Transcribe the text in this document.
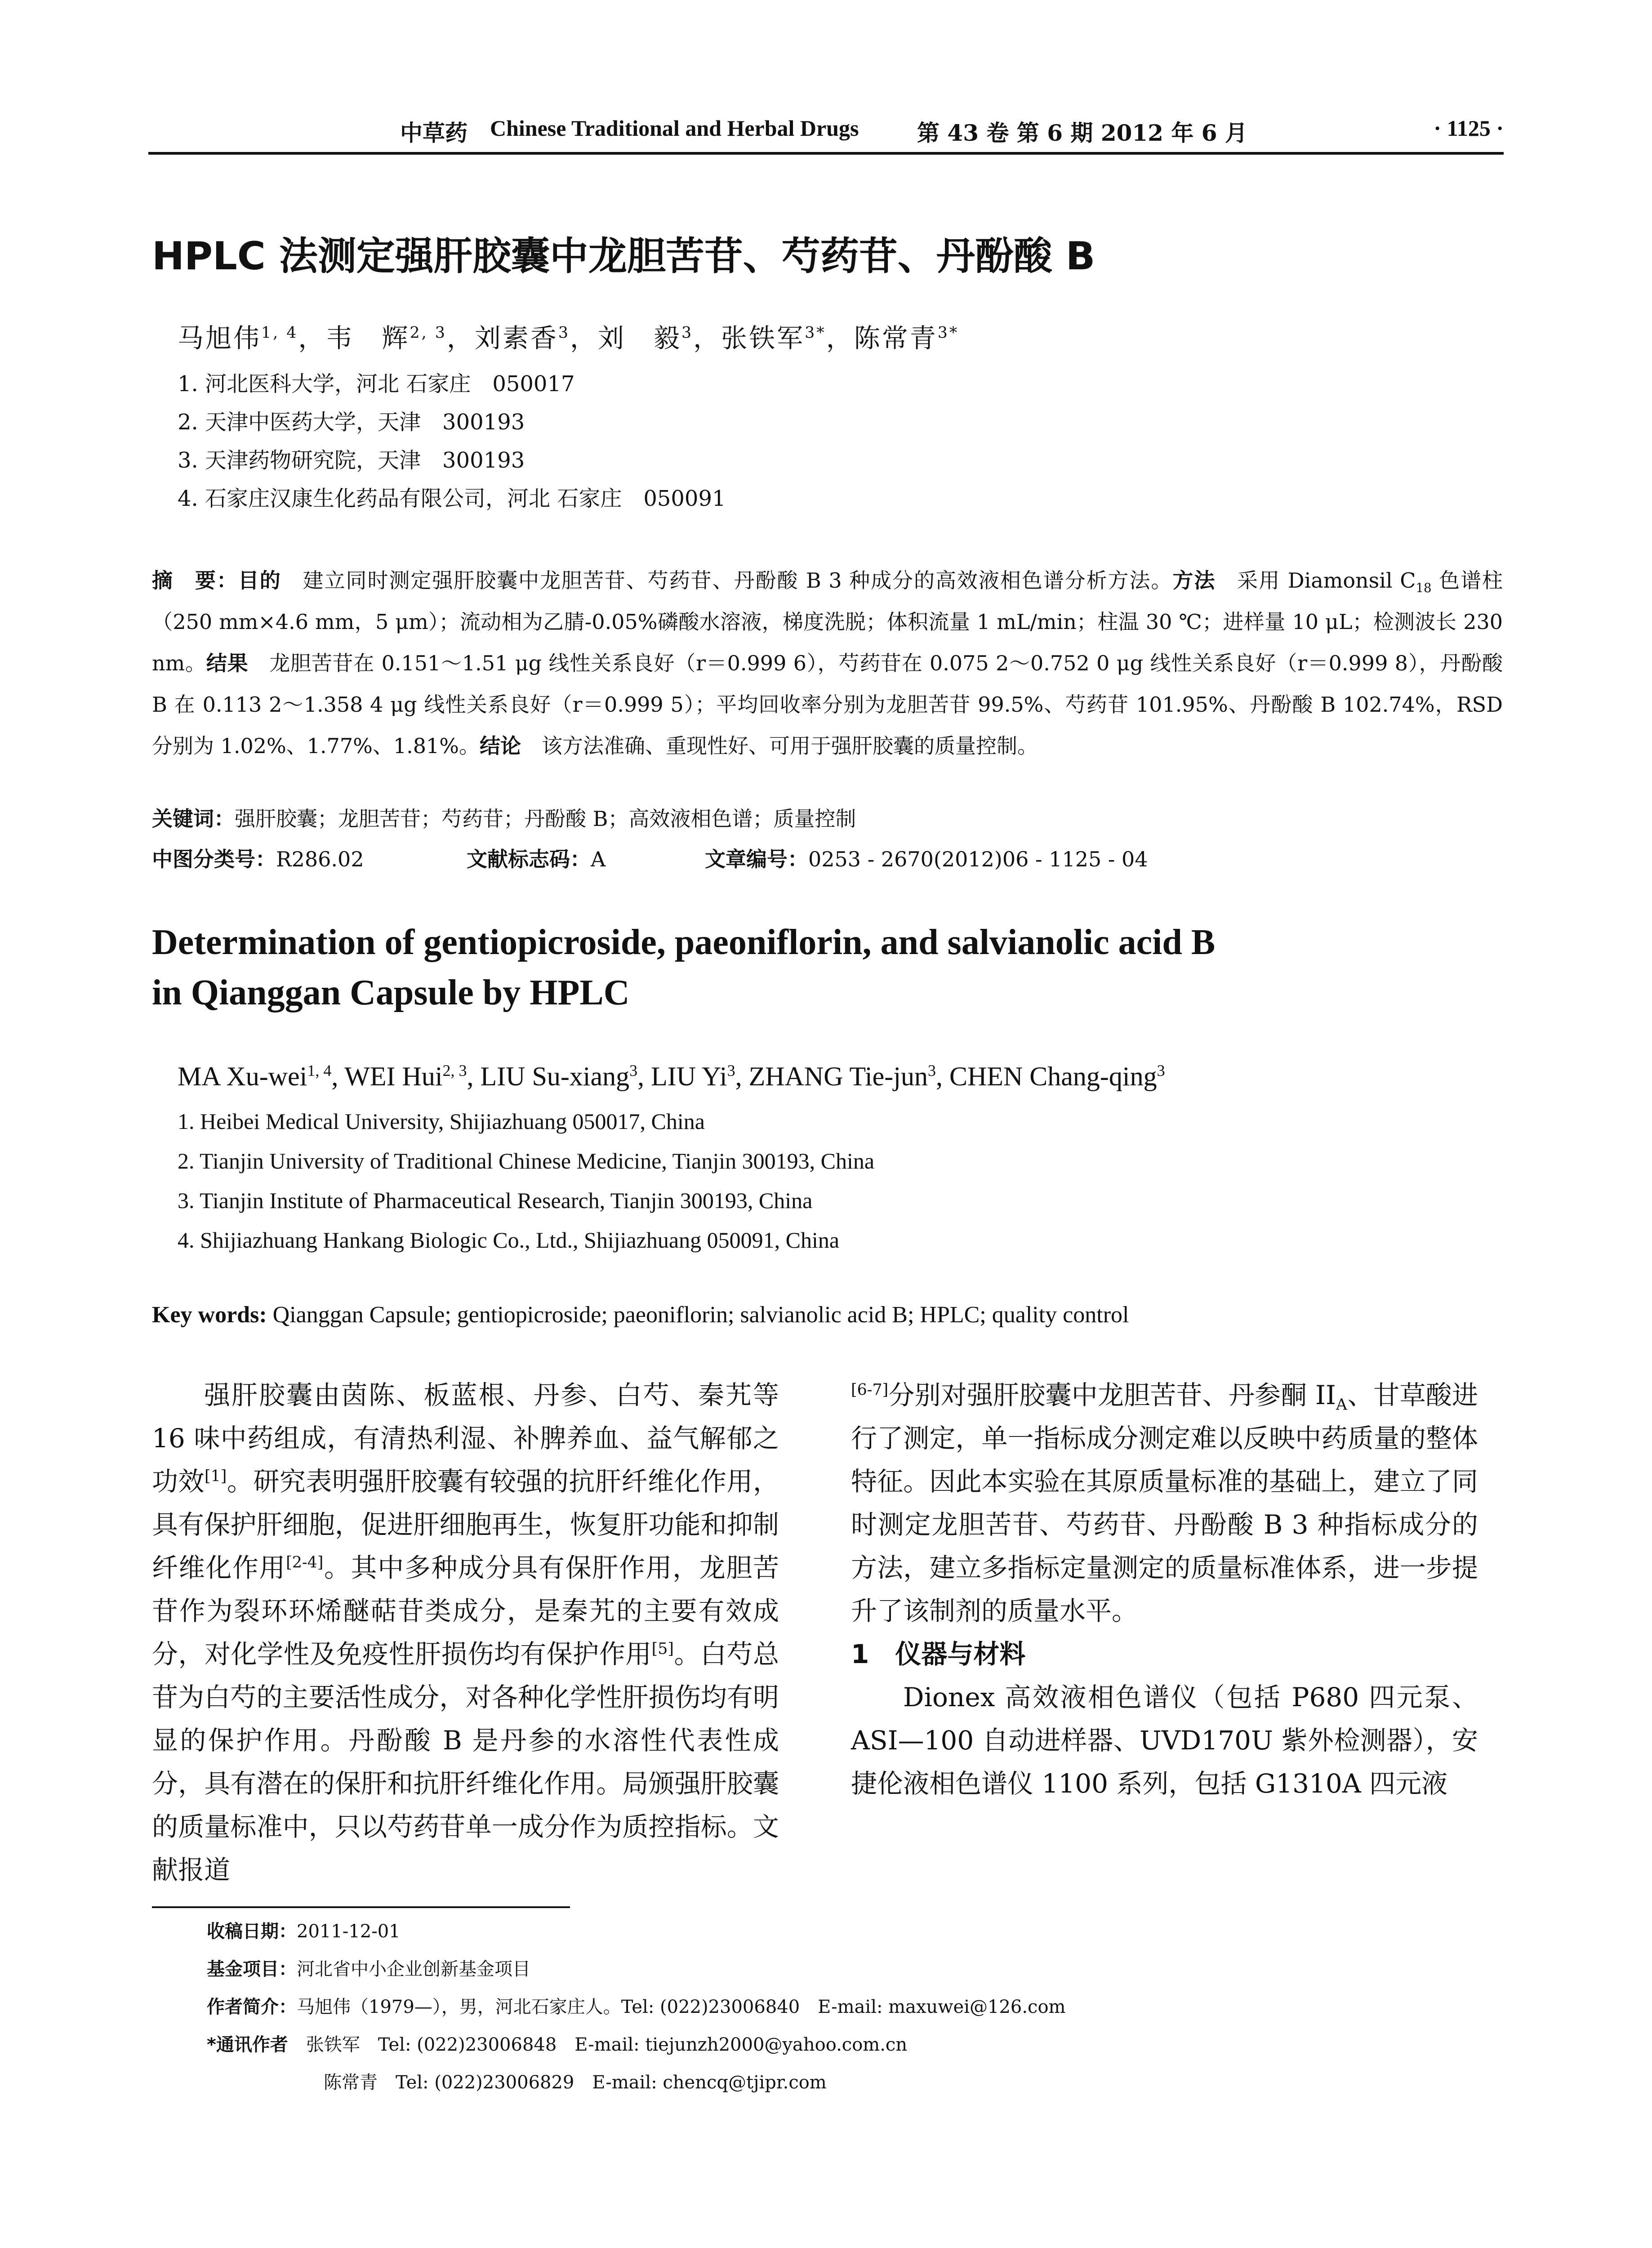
中草药 Chinese Traditional and Herbal Drugs	第 43 卷 第 6 期 2012 年 6 月	· 1125 ·
HPLC 法测定强肝胶囊中龙胆苦苷、芍药苷、丹酚酸 B
马旭伟$^{1, 4}$，韦　辉$^{2, 3}$，刘素香$^3$，刘　毅$^3$，张铁军$^{3*}$，陈常青$^{3*}$
1. 河北医科大学，河北 石家庄　050017
2. 天津中医药大学，天津　300193
3. 天津药物研究院，天津　300193
4. 石家庄汉康生化药品有限公司，河北 石家庄　050091
摘　要：目的　 建立同时测定强肝胶囊中龙胆苦苷、芍药苷、丹酚酸 B 3 种成分的高效液相色谱分析方法。方法　 采用 Diamonsil $C_{18}$ 色谱柱（250 mm×4.6 mm，5 μm）；流动相为乙腈-0.05%磷酸水溶液，梯度洗脱；体积流量 1 mL/min；柱温 30 ℃；进样量 10 μL；检测波长 230 nm。结果　 龙胆苦苷在 0.151～1.51 μg 线性关系良好（r＝0.999 6），芍药苷在 0.075 2～0.752 0 μg 线性关系良好（r＝0.999 8），丹酚酸 B 在 0.113 2～1.358 4 μg 线性关系良好（r＝0.999 5）；平均回收率分别为龙胆苦苷 99.5%、芍药苷 101.95%、丹酚酸 B 102.74%，RSD 分别为 1.02%、1.77%、1.81%。结论　 该方法准确、重现性好、可用于强肝胶囊的质量控制。
关键词：强肝胶囊；龙胆苦苷；芍药苷；丹酚酸 B；高效液相色谱；质量控制
中图分类号：R286.02	文献标志码：A	文章编号：0253 - 2670(2012)06 - 1125 - 04
Determination of gentiopicroside, paeoniflorin, and salvianolic acid B
in Qianggan Capsule by HPLC
MA Xu-wei$^{1, 4}$, WEI Hui$^{2, 3}$, LIU Su-xiang$^3$, LIU Yi$^3$, ZHANG Tie-jun$^3$, CHEN Chang-qing$^3$
1. Heibei Medical University, Shijiazhuang 050017, China
2. Tianjin University of Traditional Chinese Medicine, Tianjin 300193, China
3. Tianjin Institute of Pharmaceutical Research, Tianjin 300193, China
4. Shijiazhuang Hankang Biologic Co., Ltd., Shijiazhuang 050091, China
Key words: Qianggan Capsule; gentiopicroside; paeoniflorin; salvianolic acid B; HPLC; quality control

强肝胶囊由茵陈、板蓝根、丹参、白芍、秦艽等 16 味中药组成，有清热利湿、补脾养血、益气解郁之功效[1]。研究表明强肝胶囊有较强的抗肝纤维化作用，具有保护肝细胞，促进肝细胞再生，恢复肝功能和抑制纤维化作用[2-4]。其中多种成分具有保肝作用，龙胆苦苷作为裂环环烯醚萜苷类成分，是秦艽的主要有效成分，对化学性及免疫性肝损伤均有保护作用[5]。白芍总苷为白芍的主要活性成分，对各种化学性肝损伤均有明显的保护作用。丹酚酸 B 是丹参的水溶性代表性成分，具有潜在的保肝和抗肝纤维化作用。局颁强肝胶囊的质量标准中，只以芍药苷单一成分作为质控指标。文献报道

[6-7]分别对强肝胶囊中龙胆苦苷、丹参酮 $II_A$、甘草酸进行了测定，单一指标成分测定难以反映中药质量的整体特征。因此本实验在其原质量标准的基础上，建立了同时测定龙胆苦苷、芍药苷、丹酚酸 B 3 种指标成分的方法，建立多指标定量测定的质量标准体系，进一步提升了该制剂的质量水平。

1　仪器与材料

Dionex 高效液相色谱仪（包括 P680 四元泵、ASI—100 自动进样器、UVD170U 紫外检测器），安捷伦液相色谱仪 1100 系列，包括 G1310A 四元液

收稿日期：2011-12-01
基金项目：河北省中小企业创新基金项目
作者简介：马旭伟（1979—），男，河北石家庄人。Tel: (022)23006840　E-mail: maxuwei@126.com
*通讯作者　 张铁军　Tel: (022)23006848　E-mail: tiejunzh2000@yahoo.com.cn
陈常青　Tel: (022)23006829　E-mail: chencq@tjipr.com
